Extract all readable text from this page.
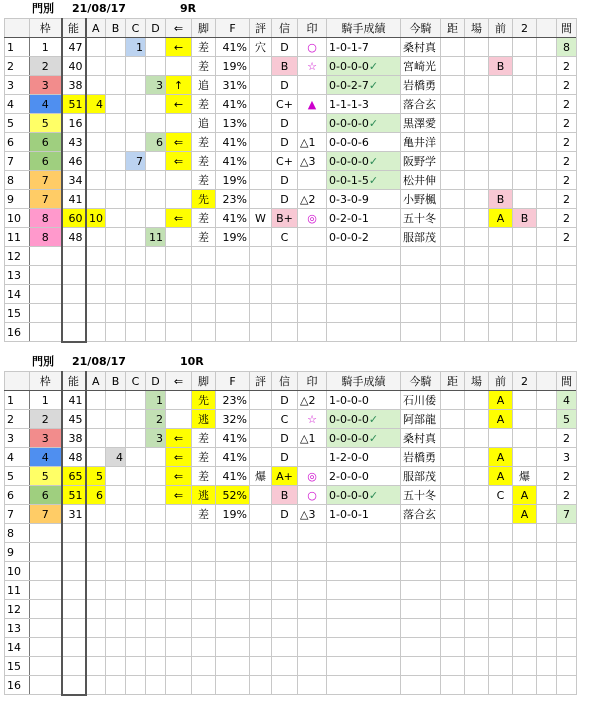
門別 21/08/17	9R
	枠	能	A	B	C	D	⇐	脚	F	評	信	印	騎手成績	今騎	距	場	前	2		間	
1	1	47			1		←	差	41%	穴	D	○	1-0-1-7	桑村真						8	
2	2	40						差	19%		B	☆	0-0-0-0✓	宮崎光			B			2	
3	3	38				3	↑	追	31%		D		0-0-2-7✓	岩橋勇						2	
4	4	51	4				←	差	41%		C+	▲	1-1-1-3	落合玄						2	
5	5	16						追	13%		D		0-0-0-0✓	黒澤愛						2	
6	6	43				6	⇐	差	41%		D	△1	0-0-0-6	亀井洋						2	
7	6	46			7		⇐	差	41%		C+	△3	0-0-0-0✓	阪野学						2	
8	7	34						差	19%		D		0-0-1-5✓	松井伸						2	
9	7	41						先	23%		D	△2	0-3-0-9	小野楓			B			2	
10	8	60	10				⇐	差	41%	W	B+	◎	0-2-0-1	五十冬			A	B		2	
11	8	48				11		差	19%		C		0-0-0-2	服部茂						2	
12																					
13																					
14																					
15																					
16																					
門別 21/08/17	10R
	枠	能	A	B	C	D	⇐	脚	F	評	信	印	騎手成績	今騎	距	場	前	2		間	
1	1	41				1		先	23%		D	△2	1-0-0-0	石川倭			A			4	
2	2	45				2		逃	32%		C	☆	0-0-0-0✓	阿部龍			A			5	
3	3	38				3	⇐	差	41%		D	△1	0-0-0-0✓	桑村真						2	
4	4	48		4			⇐	差	41%		D		1-2-0-0	岩橋勇			A			3	
5	5	65	5				⇐	差	41%	爆	A+	◎	2-0-0-0	服部茂			A	爆		2	
6	6	51	6				⇐	逃	52%		B	○	0-0-0-0✓	五十冬			C	A		2	
7	7	31						差	19%		D	△3	1-0-0-1	落合玄				A		7	
8																					
9																					
10																					
11																					
12																					
13																					
14																					
15																					
16																					
